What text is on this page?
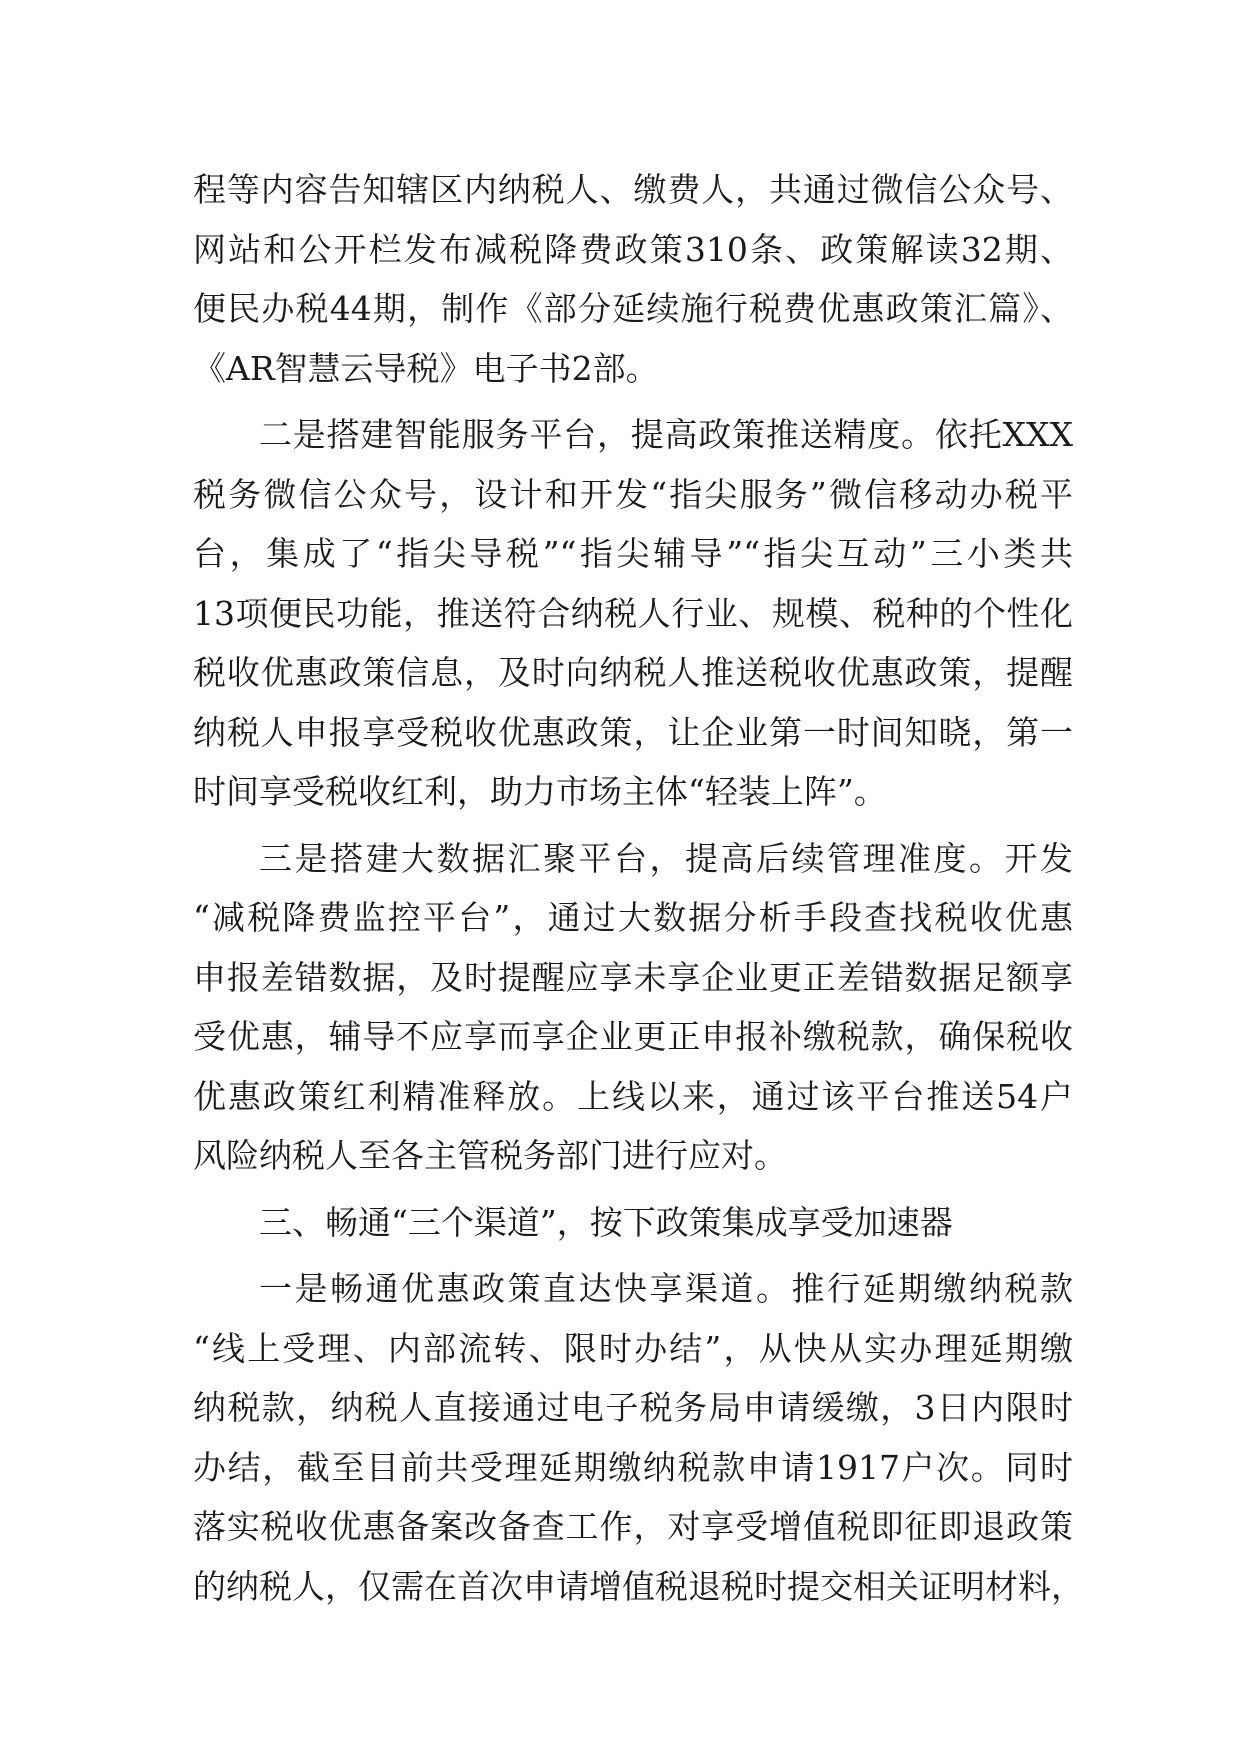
程等内容告知辖区内纳税人、缴费人，共通过微信公众号、
网站和公开栏发布减税降费政策310条、政策解读32期、
便民办税44期，制作《部分延续施行税费优惠政策汇篇》、
《AR智慧云导税》电子书2部。
二是搭建智能服务平台，提高政策推送精度。依托XXX
税务微信公众号，设计和开发“指尖服务”微信移动办税平
台，集成了“指尖导税”“指尖辅导”“指尖互动”三小类共
13项便民功能，推送符合纳税人行业、规模、税种的个性化
税收优惠政策信息，及时向纳税人推送税收优惠政策，提醒
纳税人申报享受税收优惠政策，让企业第一时间知晓，第一
时间享受税收红利，助力市场主体“轻装上阵”。
三是搭建大数据汇聚平台，提高后续管理准度。开发
“减税降费监控平台”，通过大数据分析手段查找税收优惠
申报差错数据，及时提醒应享未享企业更正差错数据足额享
受优惠，辅导不应享而享企业更正申报补缴税款，确保税收
优惠政策红利精准释放。上线以来，通过该平台推送54户
风险纳税人至各主管税务部门进行应对。
三、畅通“三个渠道”，按下政策集成享受加速器
一是畅通优惠政策直达快享渠道。推行延期缴纳税款
“线上受理、内部流转、限时办结”，从快从实办理延期缴
纳税款，纳税人直接通过电子税务局申请缓缴，3日内限时
办结，截至目前共受理延期缴纳税款申请1917户次。同时
落实税收优惠备案改备查工作，对享受增值税即征即退政策
的纳税人，仅需在首次申请增值税退税时提交相关证明材料，
